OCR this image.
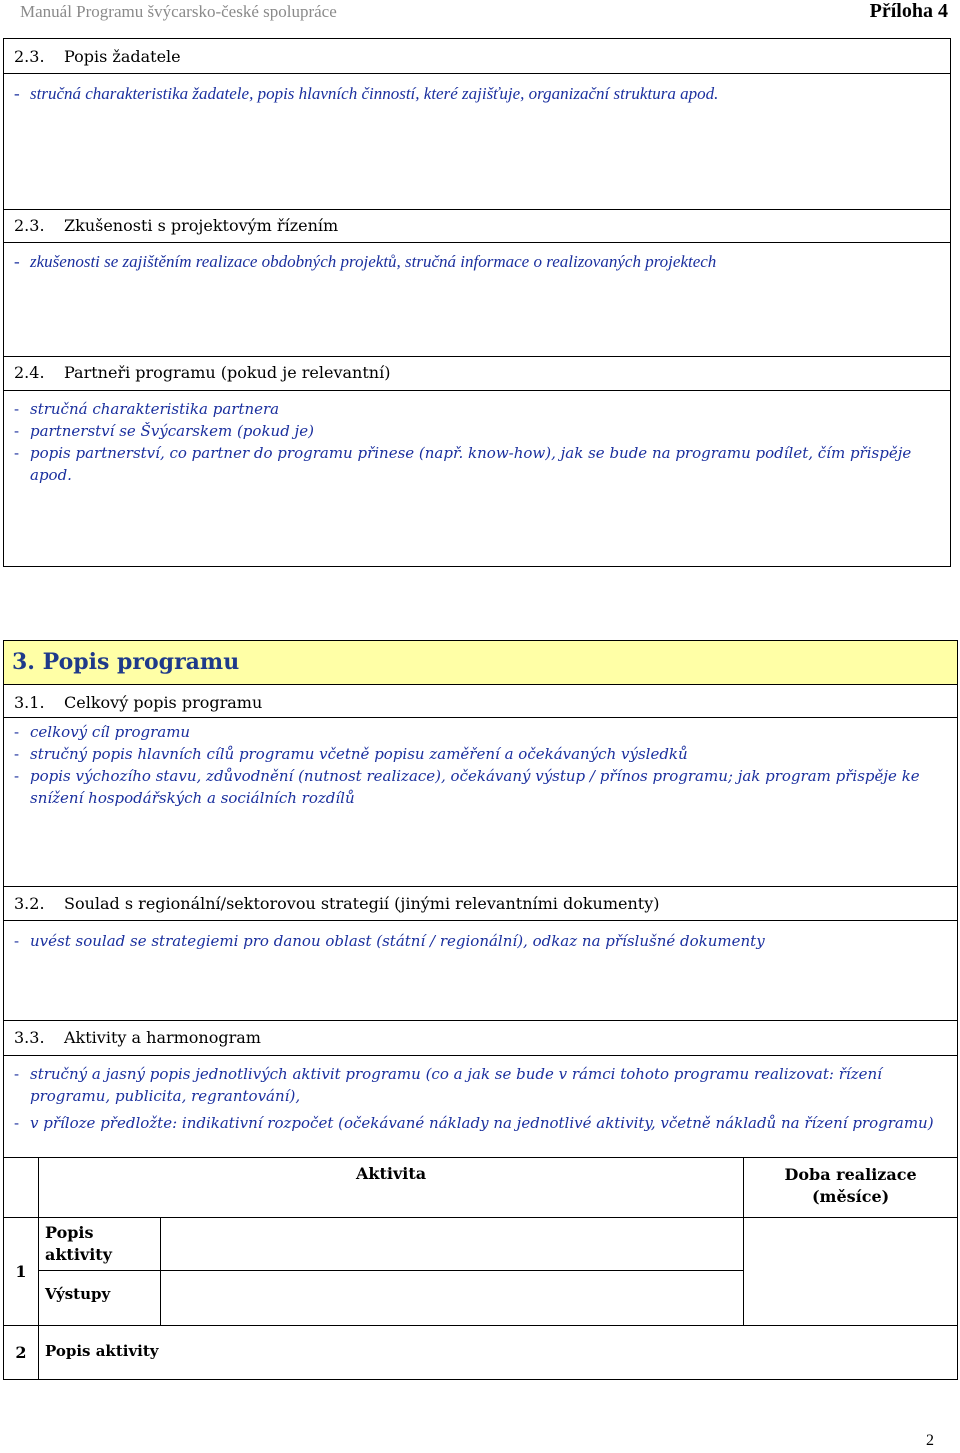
Manuál Programu švýcarsko-české spolupráce	Příloha 4
2.3. Popis žadatele
- stručná charakteristika žadatele, popis hlavních činností, které zajišťuje, organizační struktura apod.
2.3. Zkušenosti s projektovým řízením
- zkušenosti se zajištěním realizace obdobných projektů, stručná informace o realizovaných projektech
2.4. Partneři programu (pokud je relevantní)
- stručná charakteristika partnera
- partnerství se Švýcarskem (pokud je)
- popis partnerství, co partner do programu přinese (např. know-how), jak se bude na programu podílet, čím přispěje apod.
3. Popis programu
3.1. Celkový popis programu
- celkový cíl programu
- stručný popis hlavních cílů programu včetně popisu zaměření a očekávaných výsledků
- popis výchozího stavu, zdůvodnění (nutnost realizace), očekávaný výstup / přínos programu; jak program přispěje ke snížení hospodářských a sociálních rozdílů
3.2. Soulad s regionální/sektorovou strategií (jinými relevantními dokumenty)
- uvést soulad se strategiemi pro danou oblast (státní / regionální), odkaz na příslušné dokumenty
3.3. Aktivity a harmonogram
- stručný a jasný popis jednotlivých aktivit programu (co a jak se bude v rámci tohoto programu realizovat: řízení programu, publicita, regrantování),
- v příloze předložte: indikativní rozpočet (očekávané náklady na jednotlivé aktivity, včetně nákladů na řízení programu)
	Aktivita		Doba realizace (měsíce)
1	Popis aktivity		
	Výstupy		
2	Popis aktivity		
2
